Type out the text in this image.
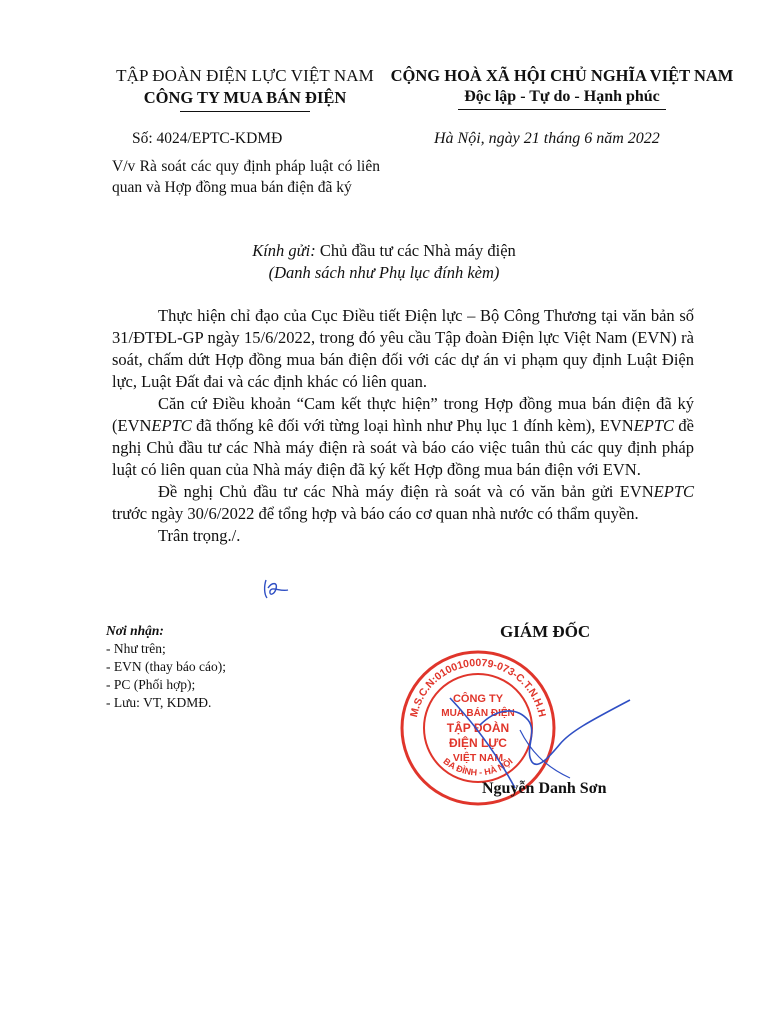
TẬP ĐOÀN ĐIỆN LỰC VIỆT NAM
CÔNG TY MUA BÁN ĐIỆN
CỘNG HOÀ XÃ HỘI CHỦ NGHĨA VIỆT NAM
Độc lập - Tự do - Hạnh phúc
Số: 4024/EPTC-KDMĐ	Hà Nội, ngày 21 tháng 6 năm 2022
V/v Rà soát các quy định pháp luật có liên quan và Hợp đồng mua bán điện đã ký
Kính gửi: Chủ đầu tư các Nhà máy điện
(Danh sách như Phụ lục đính kèm)

Thực hiện chỉ đạo của Cục Điều tiết Điện lực – Bộ Công Thương tại văn bản số 31/ĐTĐL-GP ngày 15/6/2022, trong đó yêu cầu Tập đoàn Điện lực Việt Nam (EVN) rà soát, chấm dứt Hợp đồng mua bán điện đối với các dự án vi phạm quy định Luật Điện lực, Luật Đất đai và các định khác có liên quan.

Căn cứ Điều khoản “Cam kết thực hiện” trong Hợp đồng mua bán điện đã ký (EVNEPTC đã thống kê đối với từng loại hình như Phụ lục 1 đính kèm), EVNEPTC đề nghị Chủ đầu tư các Nhà máy điện rà soát và báo cáo việc tuân thủ các quy định pháp luật có liên quan của Nhà máy điện đã ký kết Hợp đồng mua bán điện với EVN.

Đề nghị Chủ đầu tư các Nhà máy điện rà soát và có văn bản gửi EVNEPTC trước ngày 30/6/2022 để tổng hợp và báo cáo cơ quan nhà nước có thẩm quyền.

Trân trọng./.

Nơi nhận:
- Như trên;
- EVN (thay báo cáo);
- PC (Phối hợp);
- Lưu: VT, KDMĐ.
GIÁM ĐỐC
M.S.C.N:0100100079-073-C.T.N.H.H
BA ĐÌNH - HÀ NỘI
CÔNG TY
MUA BÁN ĐIỆN
TẬP ĐOÀN
ĐIỆN LỰC
VIỆT NAM
Nguyễn Danh Sơn
